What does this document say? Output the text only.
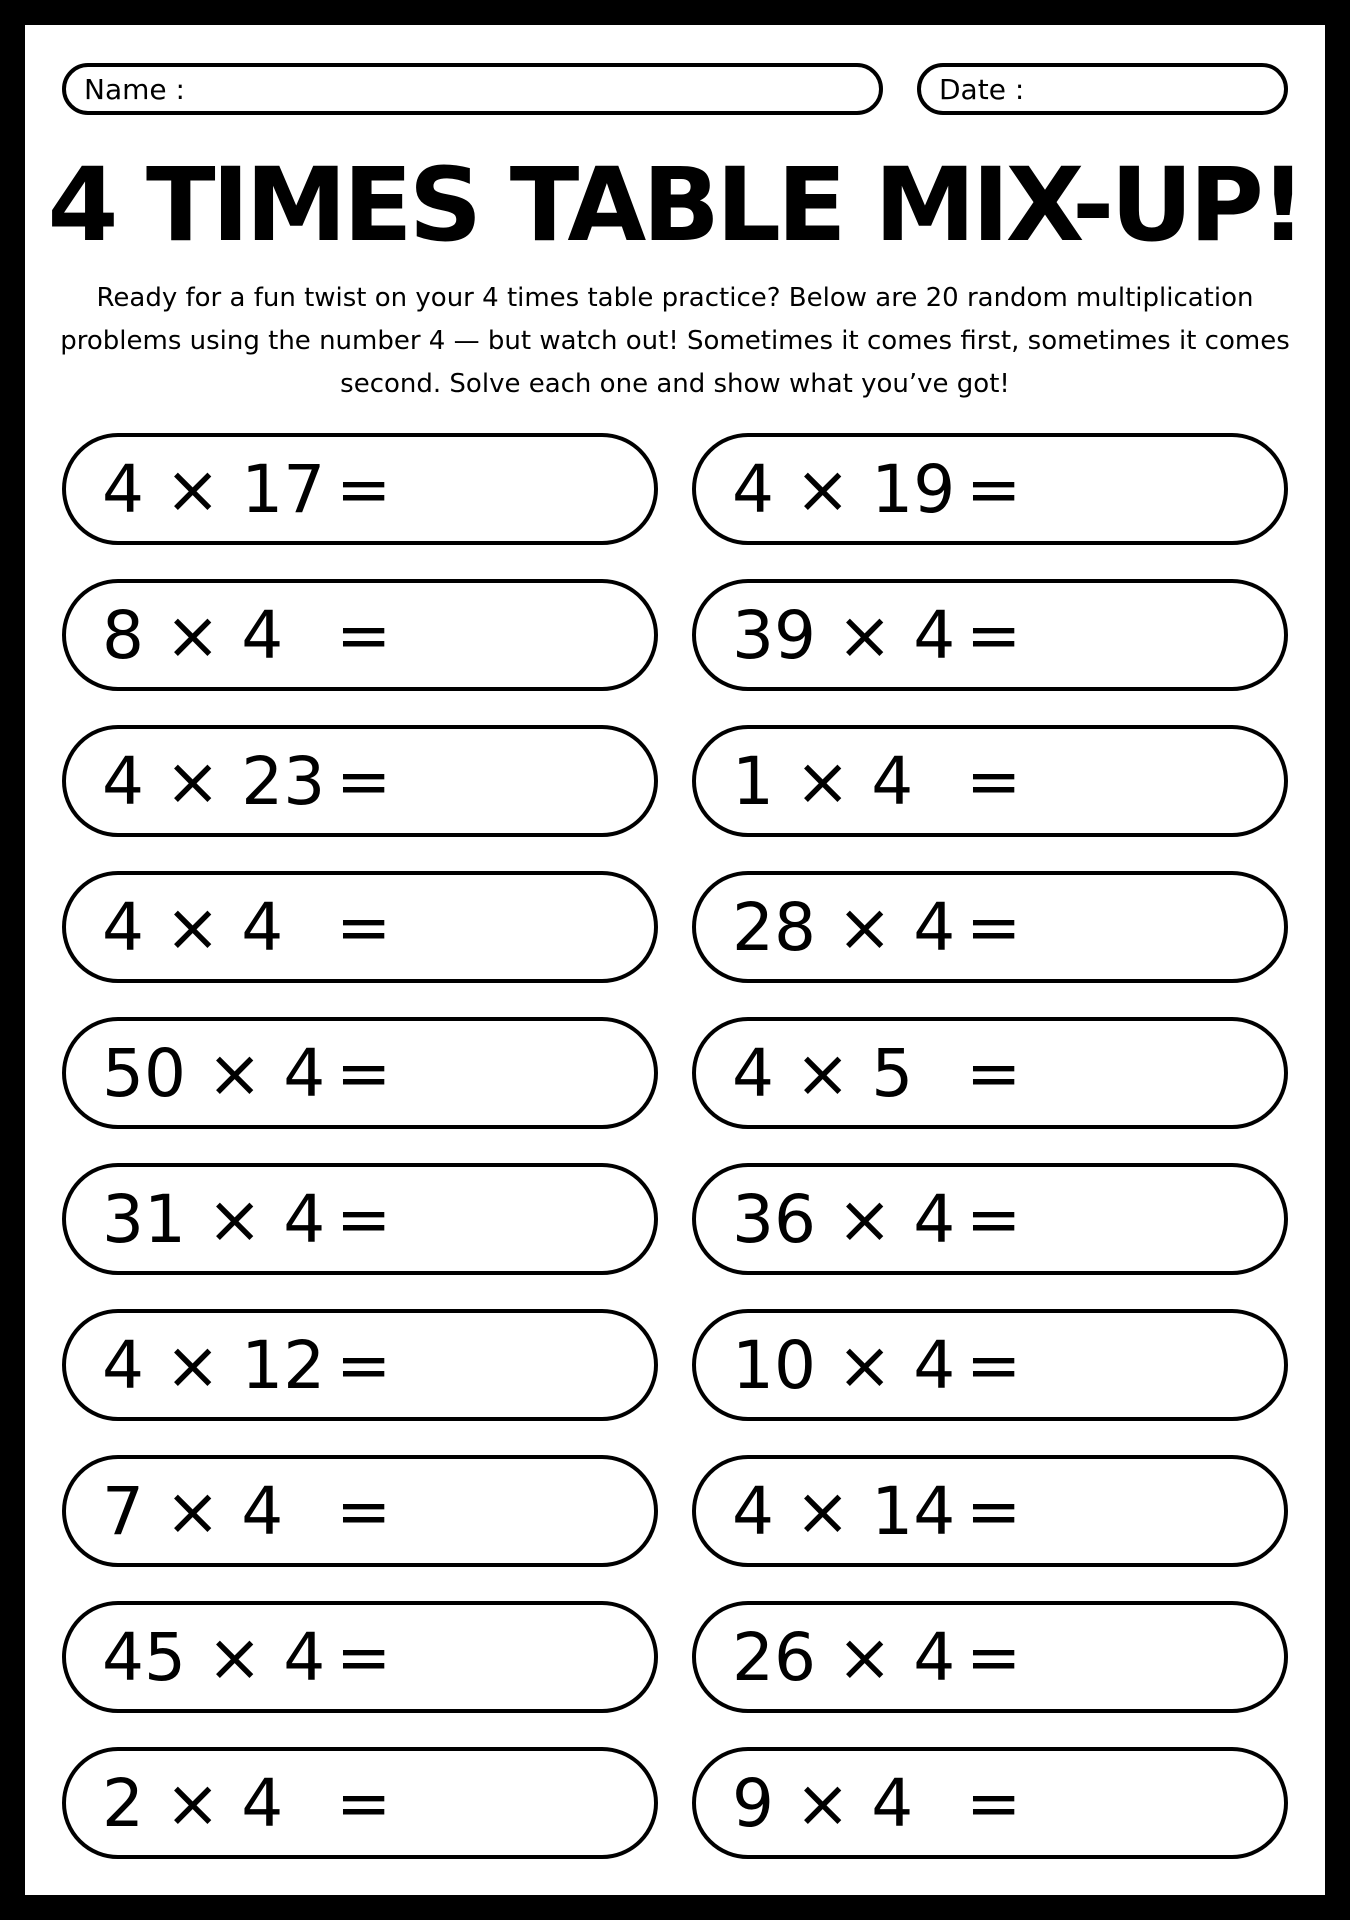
Name :	Date :
4 TIMES TABLE MIX-UP!
Ready for a fun twist on your 4 times table practice? Below are 20 random multiplication problems using the number 4 — but watch out! Sometimes it comes first, sometimes it comes second. Solve each one and show what you’ve got!
4 × 17 =
8 × 4 =
4 × 23 =
4 × 4 =
50 × 4 =
31 × 4 =
4 × 12 =
7 × 4 =
45 × 4 =
2 × 4 =
4 × 19 =
39 × 4 =
1 × 4 =
28 × 4 =
4 × 5 =
36 × 4 =
10 × 4 =
4 × 14 =
26 × 4 =
9 × 4 =
